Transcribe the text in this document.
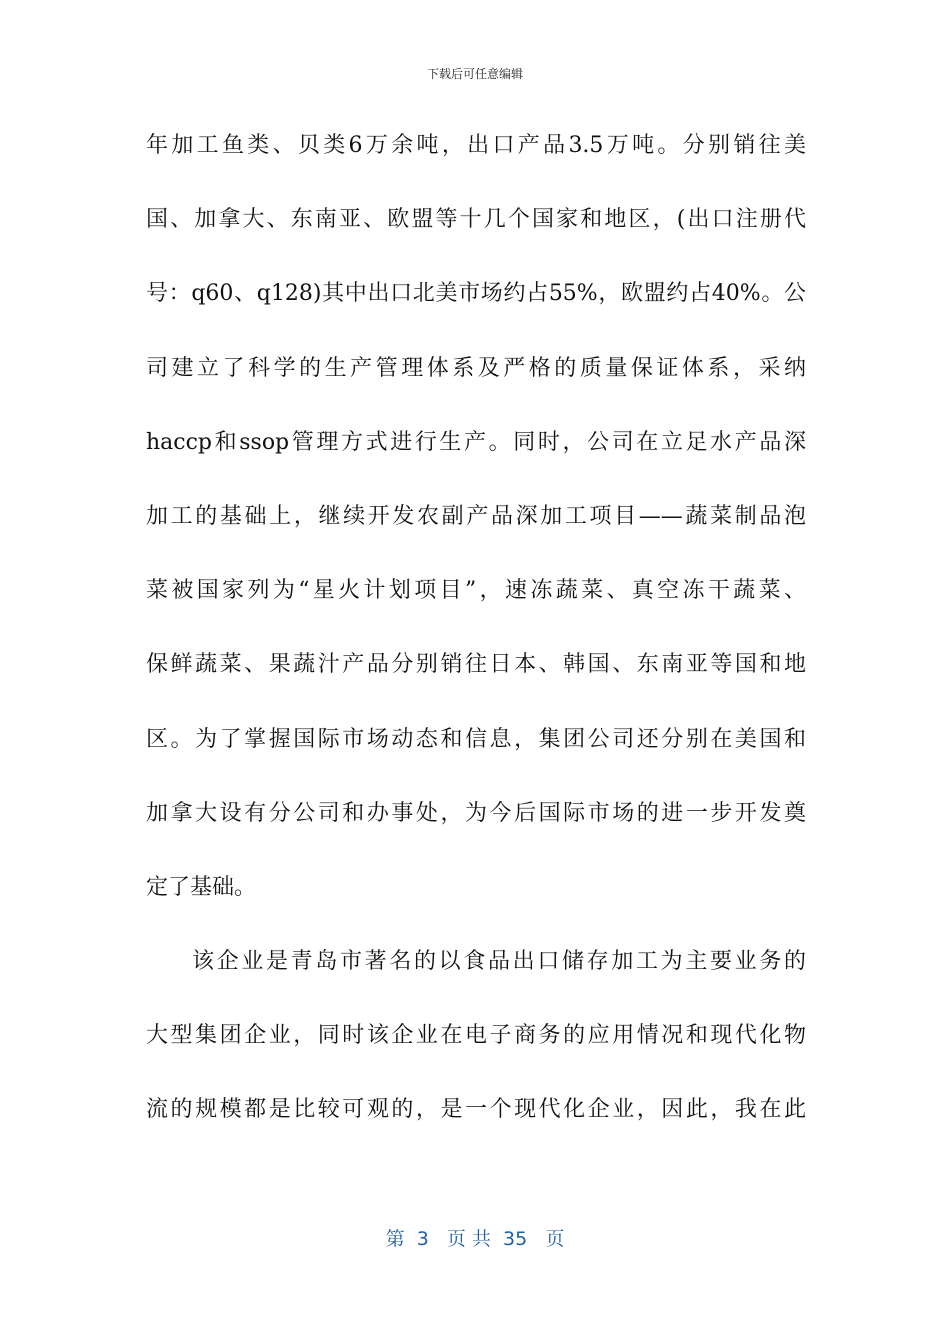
下载后可任意编辑
年加工鱼类、贝类6万余吨，出口产品3.5万吨。分别销往美
国、加拿大、东南亚、欧盟等十几个国家和地区，(出口注册代
号：q60、q128)其中出口北美市场约占55%，欧盟约占40%。公
司建立了科学的生产管理体系及严格的质量保证体系，采纳
haccp和ssop管理方式进行生产。同时，公司在立足水产品深
加工的基础上，继续开发农副产品深加工项目——蔬菜制品泡
菜被国家列为“星火计划项目”，速冻蔬菜、真空冻干蔬菜、
保鲜蔬菜、果蔬汁产品分别销往日本、韩国、东南亚等国和地
区。为了掌握国际市场动态和信息，集团公司还分别在美国和
加拿大设有分公司和办事处，为今后国际市场的进一步开发奠
定了基础。
该企业是青岛市著名的以食品出口储存加工为主要业务的
大型集团企业，同时该企业在电子商务的应用情况和现代化物
流的规模都是比较可观的，是一个现代化企业，因此，我在此
第  3   页 共  35   页
